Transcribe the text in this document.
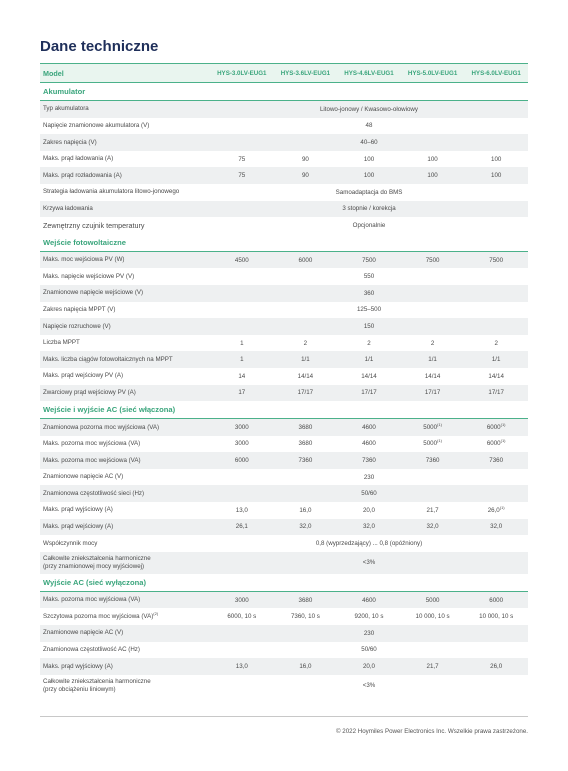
Dane techniczne
Model	HYS-3.0LV-EUG1	HYS-3.6LV-EUG1	HYS-4.6LV-EUG1	HYS-5.0LV-EUG1	HYS-6.0LV-EUG1
Akumulator
Typ akumulatora	Litowo-jonowy / Kwasowo-ołowiowy
Napięcie znamionowe akumulatora (V)	48
Zakres napięcia (V)	40–60
Maks. prąd ładowania (A)	75	90	100	100	100
Maks. prąd rozładowania (A)	75	90	100	100	100
Strategia ładowania akumulatora litowo-jonowego	Samoadaptacja do BMS
Krzywa ładowania	3 stopnie / korekcja
Zewnętrzny czujnik temperatury	Opcjonalnie
Wejście fotowoltaiczne
Maks. moc wejściowa PV (W)	4500	6000	7500	7500	7500
Maks. napięcie wejściowe PV (V)	550
Znamionowe napięcie wejściowe (V)	360
Zakres napięcia MPPT (V)	125–500
Napięcie rozruchowe (V)	150
Liczba MPPT	1	2	2	2	2
Maks. liczba ciągów fotowoltaicznych na MPPT	1	1/1	1/1	1/1	1/1
Maks. prąd wejściowy PV (A)	14	14/14	14/14	14/14	14/14
Zwarciowy prąd wejściowy PV (A)	17	17/17	17/17	17/17	17/17
Wejście i wyjście AC (sieć włączona)
Znamionowa pozorna moc wyjściowa (VA)	3000	3680	4600	5000$^{(1)}$	6000$^{(1)}$
Maks. pozorna moc wyjściowa (VA)	3000	3680	4600	5000$^{(1)}$	6000$^{(1)}$
Maks. pozorna moc wejściowa (VA)	6000	7360	7360	7360	7360
Znamionowe napięcie AC (V)	230
Znamionowa częstotliwość sieci (Hz)	50/60
Maks. prąd wyjściowy (A)	13,0	16,0	20,0	21,7	26,0$^{(1)}$
Maks. prąd wejściowy (A)	26,1	32,0	32,0	32,0	32,0
Współczynnik mocy	0,8 (wyprzedzający) ... 0,8 (opóźniony)
Całkowite zniekształcenia harmoniczne
(przy znamionowej mocy wyjściowej)	<3%
Wyjście AC (sieć wyłączona)
Maks. pozorna moc wyjściowa (VA)	3000	3680	4600	5000	6000
Szczytowa pozorna moc wyjściowa (VA)$^{(2)}$	6000, 10 s	7360, 10 s	9200, 10 s	10 000, 10 s	10 000, 10 s
Znamionowe napięcie AC (V)	230
Znamionowa częstotliwość AC (Hz)	50/60
Maks. prąd wyjściowy (A)	13,0	16,0	20,0	21,7	26,0
Całkowite zniekształcenia harmoniczne
(przy obciążeniu liniowym)	<3%
© 2022 Hoymiles Power Electronics Inc. Wszelkie prawa zastrzeżone.
